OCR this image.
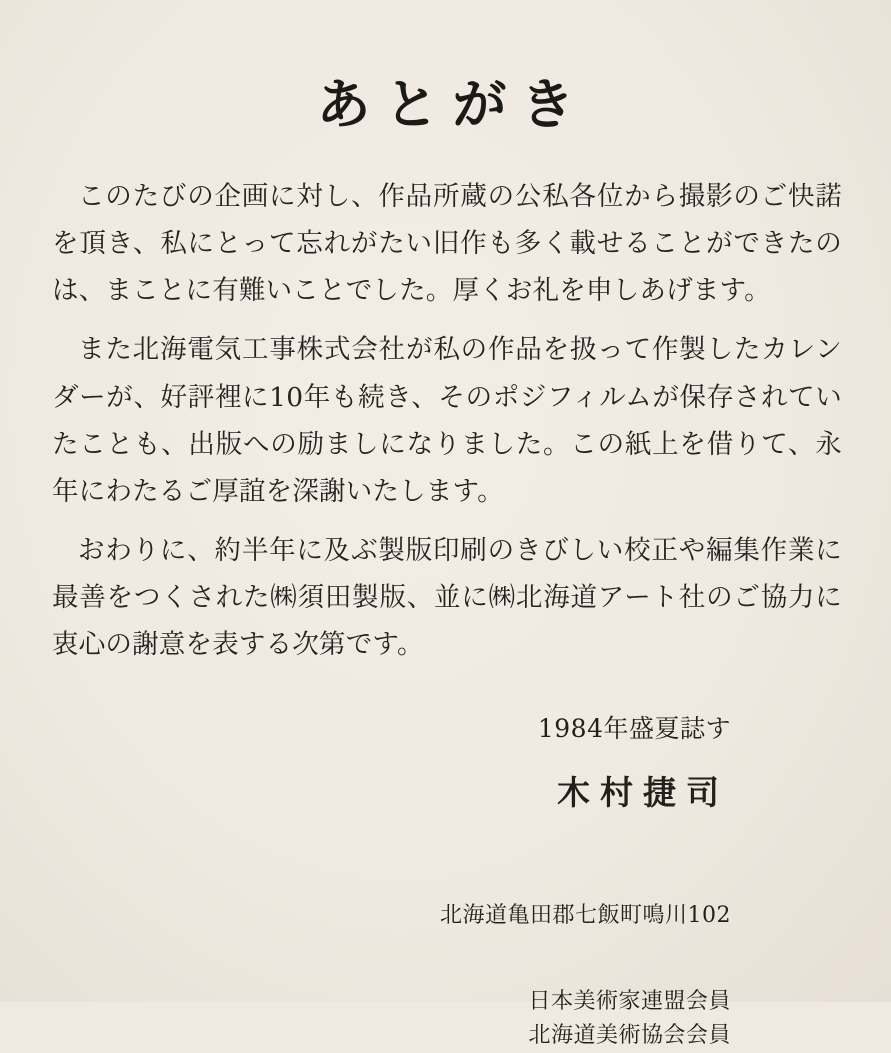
あとがき

このたびの企画に対し、作品所蔵の公私各位から撮影のご快諾を頂き、私にとって忘れがたい旧作も多く載せることができたのは、まことに有難いことでした。厚くお礼を申しあげます。

また北海電気工事株式会社が私の作品を扱って作製したカレンダーが、好評裡に10年も続き、そのポジフィルムが保存されていたことも、出版への励ましになりました。この紙上を借りて、永年にわたるご厚誼を深謝いたします。

おわりに、約半年に及ぶ製版印刷のきびしい校正や編集作業に最善をつくされた㈱須田製版、並に㈱北海道アート社のご協力に衷心の謝意を表する次第です。

1984年盛夏誌す
木村捷司
北海道亀田郡七飯町鳴川102
日本美術家連盟会員
北海道美術協会会員
